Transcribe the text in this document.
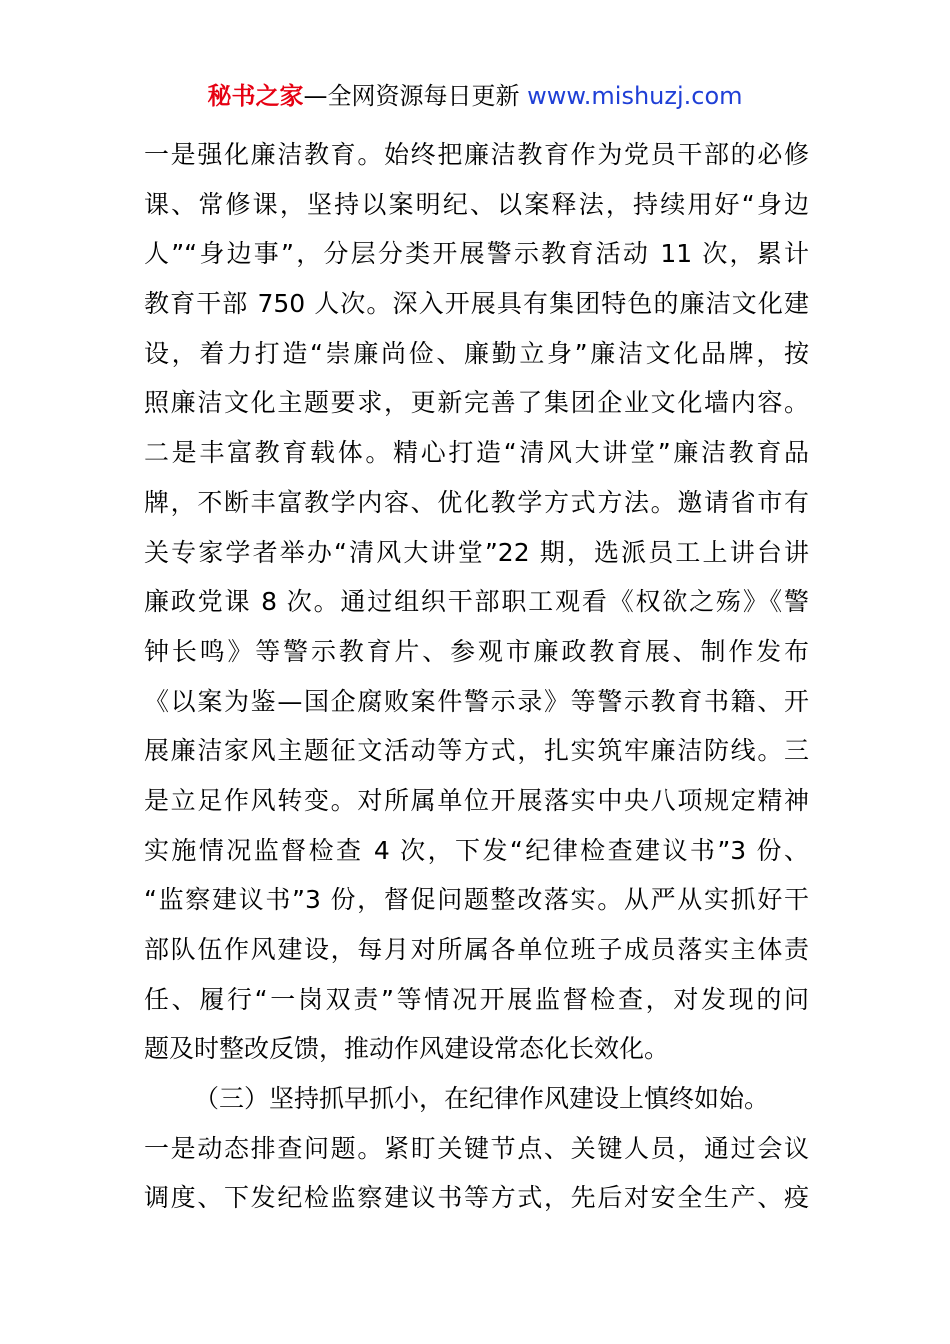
秘书之家—全网资源每日更新 www.mishuzj.com
一是强化廉洁教育。始终把廉洁教育作为党员干部的必修
课、常修课，坚持以案明纪、以案释法，持续用好“身边
人”“身边事”，分层分类开展警示教育活动 11 次，累计
教育干部 750 人次。深入开展具有集团特色的廉洁文化建
设，着力打造“崇廉尚俭、廉勤立身”廉洁文化品牌，按
照廉洁文化主题要求，更新完善了集团企业文化墙内容。
二是丰富教育载体。精心打造“清风大讲堂”廉洁教育品
牌，不断丰富教学内容、优化教学方式方法。邀请省市有
关专家学者举办“清风大讲堂”22 期，选派员工上讲台讲
廉政党课 8 次。通过组织干部职工观看《权欲之殇》《警
钟长鸣》等警示教育片、参观市廉政教育展、制作发布
《以案为鉴—国企腐败案件警示录》等警示教育书籍、开
展廉洁家风主题征文活动等方式，扎实筑牢廉洁防线。三
是立足作风转变。对所属单位开展落实中央八项规定精神
实施情况监督检查 4 次，下发“纪律检查建议书”3 份、
“监察建议书”3 份，督促问题整改落实。从严从实抓好干
部队伍作风建设，每月对所属各单位班子成员落实主体责
任、履行“一岗双责”等情况开展监督检查，对发现的问
题及时整改反馈，推动作风建设常态化长效化。
（三）坚持抓早抓小，在纪律作风建设上慎终如始。
一是动态排查问题。紧盯关键节点、关键人员，通过会议
调度、下发纪检监察建议书等方式，先后对安全生产、疫
